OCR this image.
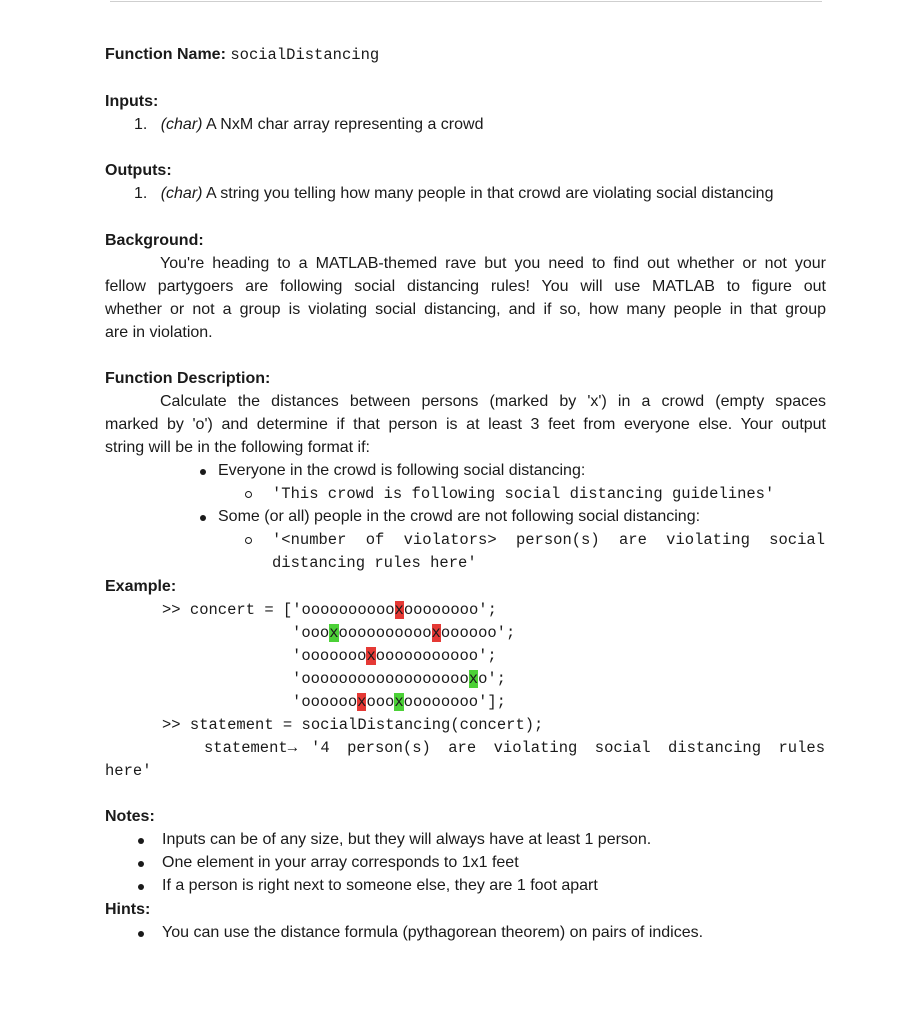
Function Name: socialDistancing
Inputs:
1. (char) A NxM char array representing a crowd
Outputs:
1. (char) A string you telling how many people in that crowd are violating social distancing
Background:
You're heading to a MATLAB-themed rave but you need to find out whether or not your
fellow partygoers are following social distancing rules! You will use MATLAB to figure out
whether or not a group is violating social distancing, and if so, how many people in that group
are in violation.
Function Description:
Calculate the distances between persons (marked by 'x') in a crowd (empty spaces
marked by 'o') and determine if that person is at least 3 feet from everyone else. Your output
string will be in the following format if:
Everyone in the crowd is following social distancing:
'This crowd is following social distancing guidelines'
Some (or all) people in the crowd are not following social distancing:
'<number of violators> person(s) are violating social
distancing rules here'
Example:
>> concert = ['ooooooooooxoooooooo';
'oooxooooooooooxoooooo';
'oooooooxooooooooooo';
'ooooooooooooooooooxo';
'ooooooxoooxoooooooo'];
>> statement = socialDistancing(concert);
statement → '4 person(s) are violating social distancing rules
here'
Notes:
Inputs can be of any size, but they will always have at least 1 person.
One element in your array corresponds to 1x1 feet
If a person is right next to someone else, they are 1 foot apart
Hints:
You can use the distance formula (pythagorean theorem) on pairs of indices.
